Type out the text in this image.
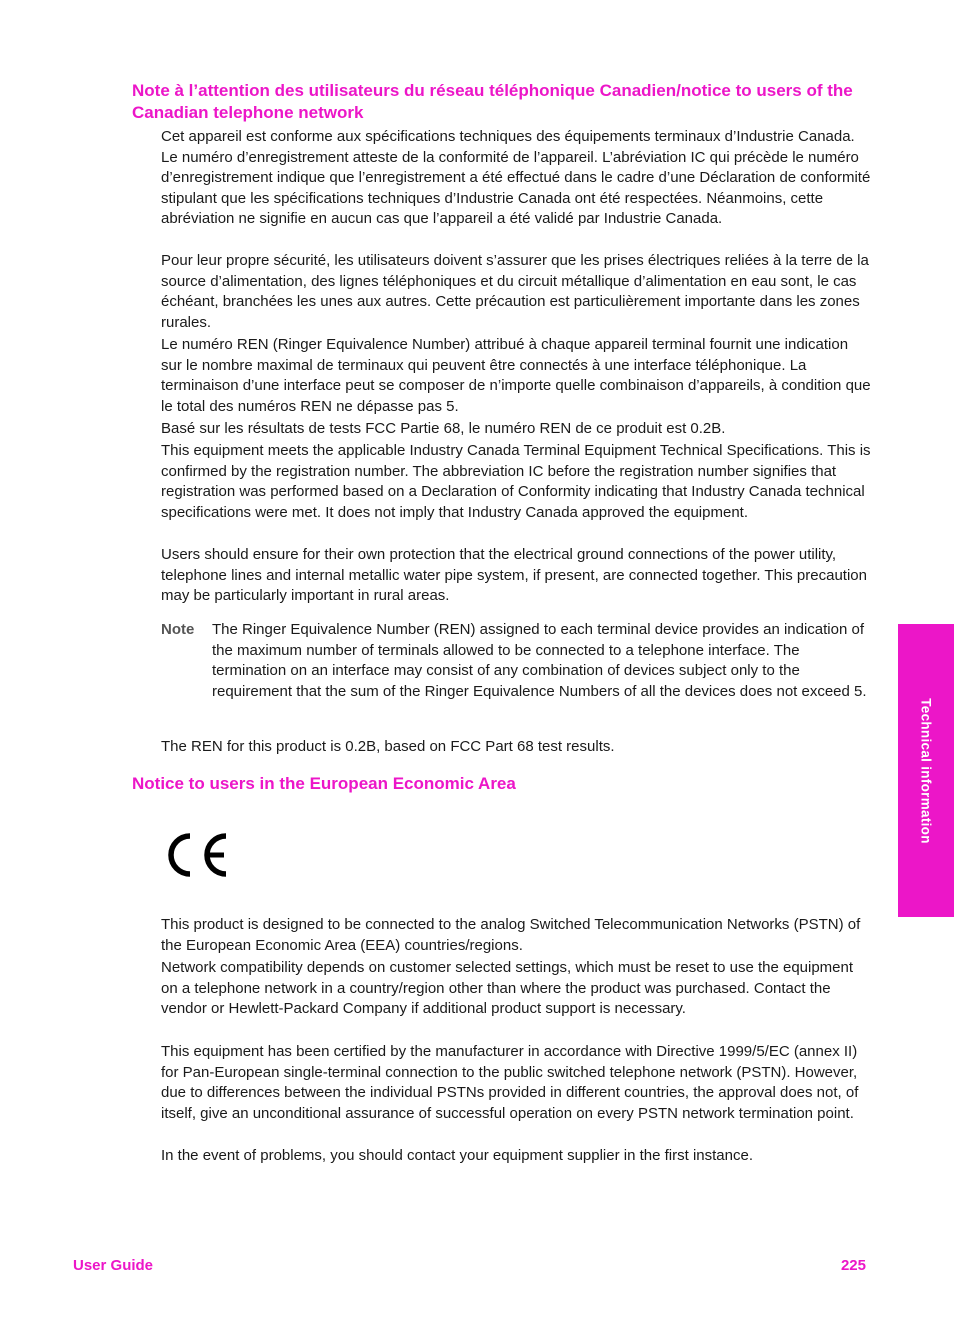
Note à l’attention des utilisateurs du réseau téléphonique Canadien/notice to users of the Canadian telephone network

Cet appareil est conforme aux spécifications techniques des équipements terminaux d’Industrie Canada. Le numéro d’enregistrement atteste de la conformité de l’appareil. L’abréviation IC qui précède le numéro d’enregistrement indique que l’enregistrement a été effectué dans le cadre d’une Déclaration de conformité stipulant que les spécifications techniques d’Industrie Canada ont été respectées. Néanmoins, cette abréviation ne signifie en aucun cas que l’appareil a été validé par Industrie Canada.

Pour leur propre sécurité, les utilisateurs doivent s’assurer que les prises électriques reliées à la terre de la source d’alimentation, des lignes téléphoniques et du circuit métallique d’alimentation en eau sont, le cas échéant, branchées les unes aux autres. Cette précaution est particulièrement importante dans les zones rurales.

Le numéro REN (Ringer Equivalence Number) attribué à chaque appareil terminal fournit une indication sur le nombre maximal de terminaux qui peuvent être connectés à une interface téléphonique. La terminaison d’une interface peut se composer de n’importe quelle combinaison d’appareils, à condition que le total des numéros REN ne dépasse pas 5.

Basé sur les résultats de tests FCC Partie 68, le numéro REN de ce produit est 0.2B.

This equipment meets the applicable Industry Canada Terminal Equipment Technical Specifications. This is confirmed by the registration number. The abbreviation IC before the registration number signifies that registration was performed based on a Declaration of Conformity indicating that Industry Canada technical specifications were met. It does not imply that Industry Canada approved the equipment.

Users should ensure for their own protection that the electrical ground connections of the power utility, telephone lines and internal metallic water pipe system, if present, are connected together. This precaution may be particularly important in rural areas.

Note The Ringer Equivalence Number (REN) assigned to each terminal device provides an indication of the maximum number of terminals allowed to be connected to a telephone interface. The termination on an interface may consist of any combination of devices subject only to the requirement that the sum of the Ringer Equivalence Numbers of all the devices does not exceed 5.

The REN for this product is 0.2B, based on FCC Part 68 test results.

Notice to users in the European Economic Area

This product is designed to be connected to the analog Switched Telecommunication Networks (PSTN) of the European Economic Area (EEA) countries/regions.

Network compatibility depends on customer selected settings, which must be reset to use the equipment on a telephone network in a country/region other than where the product was purchased. Contact the vendor or Hewlett-Packard Company if additional product support is necessary.

This equipment has been certified by the manufacturer in accordance with Directive 1999/5/EC (annex II) for Pan-European single-terminal connection to the public switched telephone network (PSTN). However, due to differences between the individual PSTNs provided in different countries, the approval does not, of itself, give an unconditional assurance of successful operation on every PSTN network termination point.

In the event of problems, you should contact your equipment supplier in the first instance.

Technical information
User Guide	225
